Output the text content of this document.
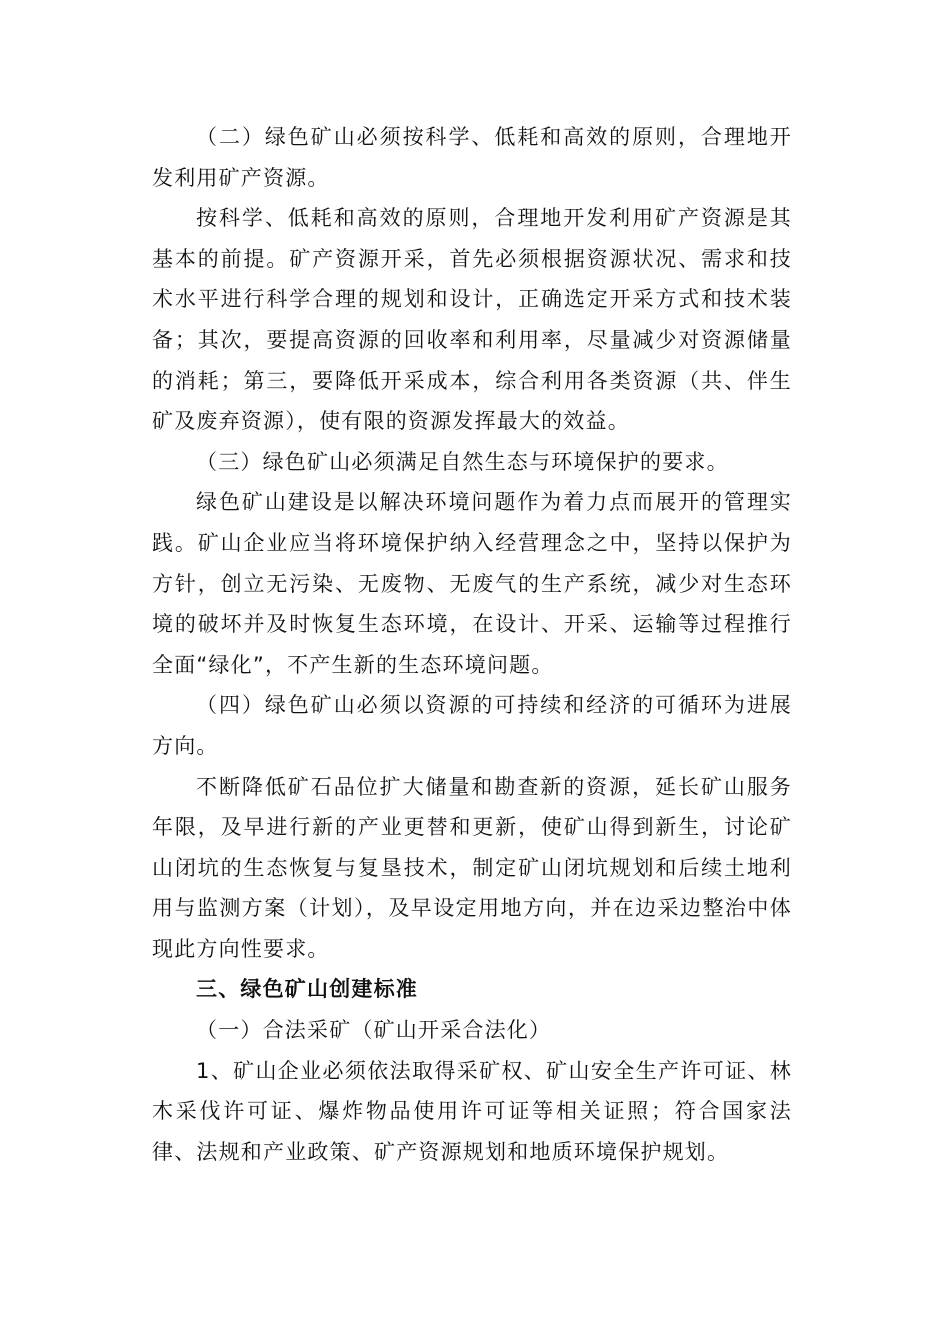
（二）绿色矿山必须按科学、低耗和高效的原则，合理地开发利用矿产资源。

按科学、低耗和高效的原则，合理地开发利用矿产资源是其基本的前提。矿产资源开采，首先必须根据资源状况、需求和技术水平进行科学合理的规划和设计，正确选定开采方式和技术装备；其次，要提高资源的回收率和利用率，尽量减少对资源储量的消耗；第三，要降低开采成本，综合利用各类资源（共、伴生矿及废弃资源），使有限的资源发挥最大的效益。

（三）绿色矿山必须满足自然生态与环境保护的要求。

绿色矿山建设是以解决环境问题作为着力点而展开的管理实践。矿山企业应当将环境保护纳入经营理念之中，坚持以保护为方针，创立无污染、无废物、无废气的生产系统，减少对生态环境的破坏并及时恢复生态环境，在设计、开采、运输等过程推行全面“绿化”，不产生新的生态环境问题。

（四）绿色矿山必须以资源的可持续和经济的可循环为进展方向。

不断降低矿石品位扩大储量和勘查新的资源，延长矿山服务年限，及早进行新的产业更替和更新，使矿山得到新生，讨论矿山闭坑的生态恢复与复垦技术，制定矿山闭坑规划和后续土地利用与监测方案（计划），及早设定用地方向，并在边采边整治中体现此方向性要求。

三、绿色矿山创建标准

（一）合法采矿（矿山开采合法化）

1、矿山企业必须依法取得采矿权、矿山安全生产许可证、林木采伐许可证、爆炸物品使用许可证等相关证照；符合国家法律、法规和产业政策、矿产资源规划和地质环境保护规划。
